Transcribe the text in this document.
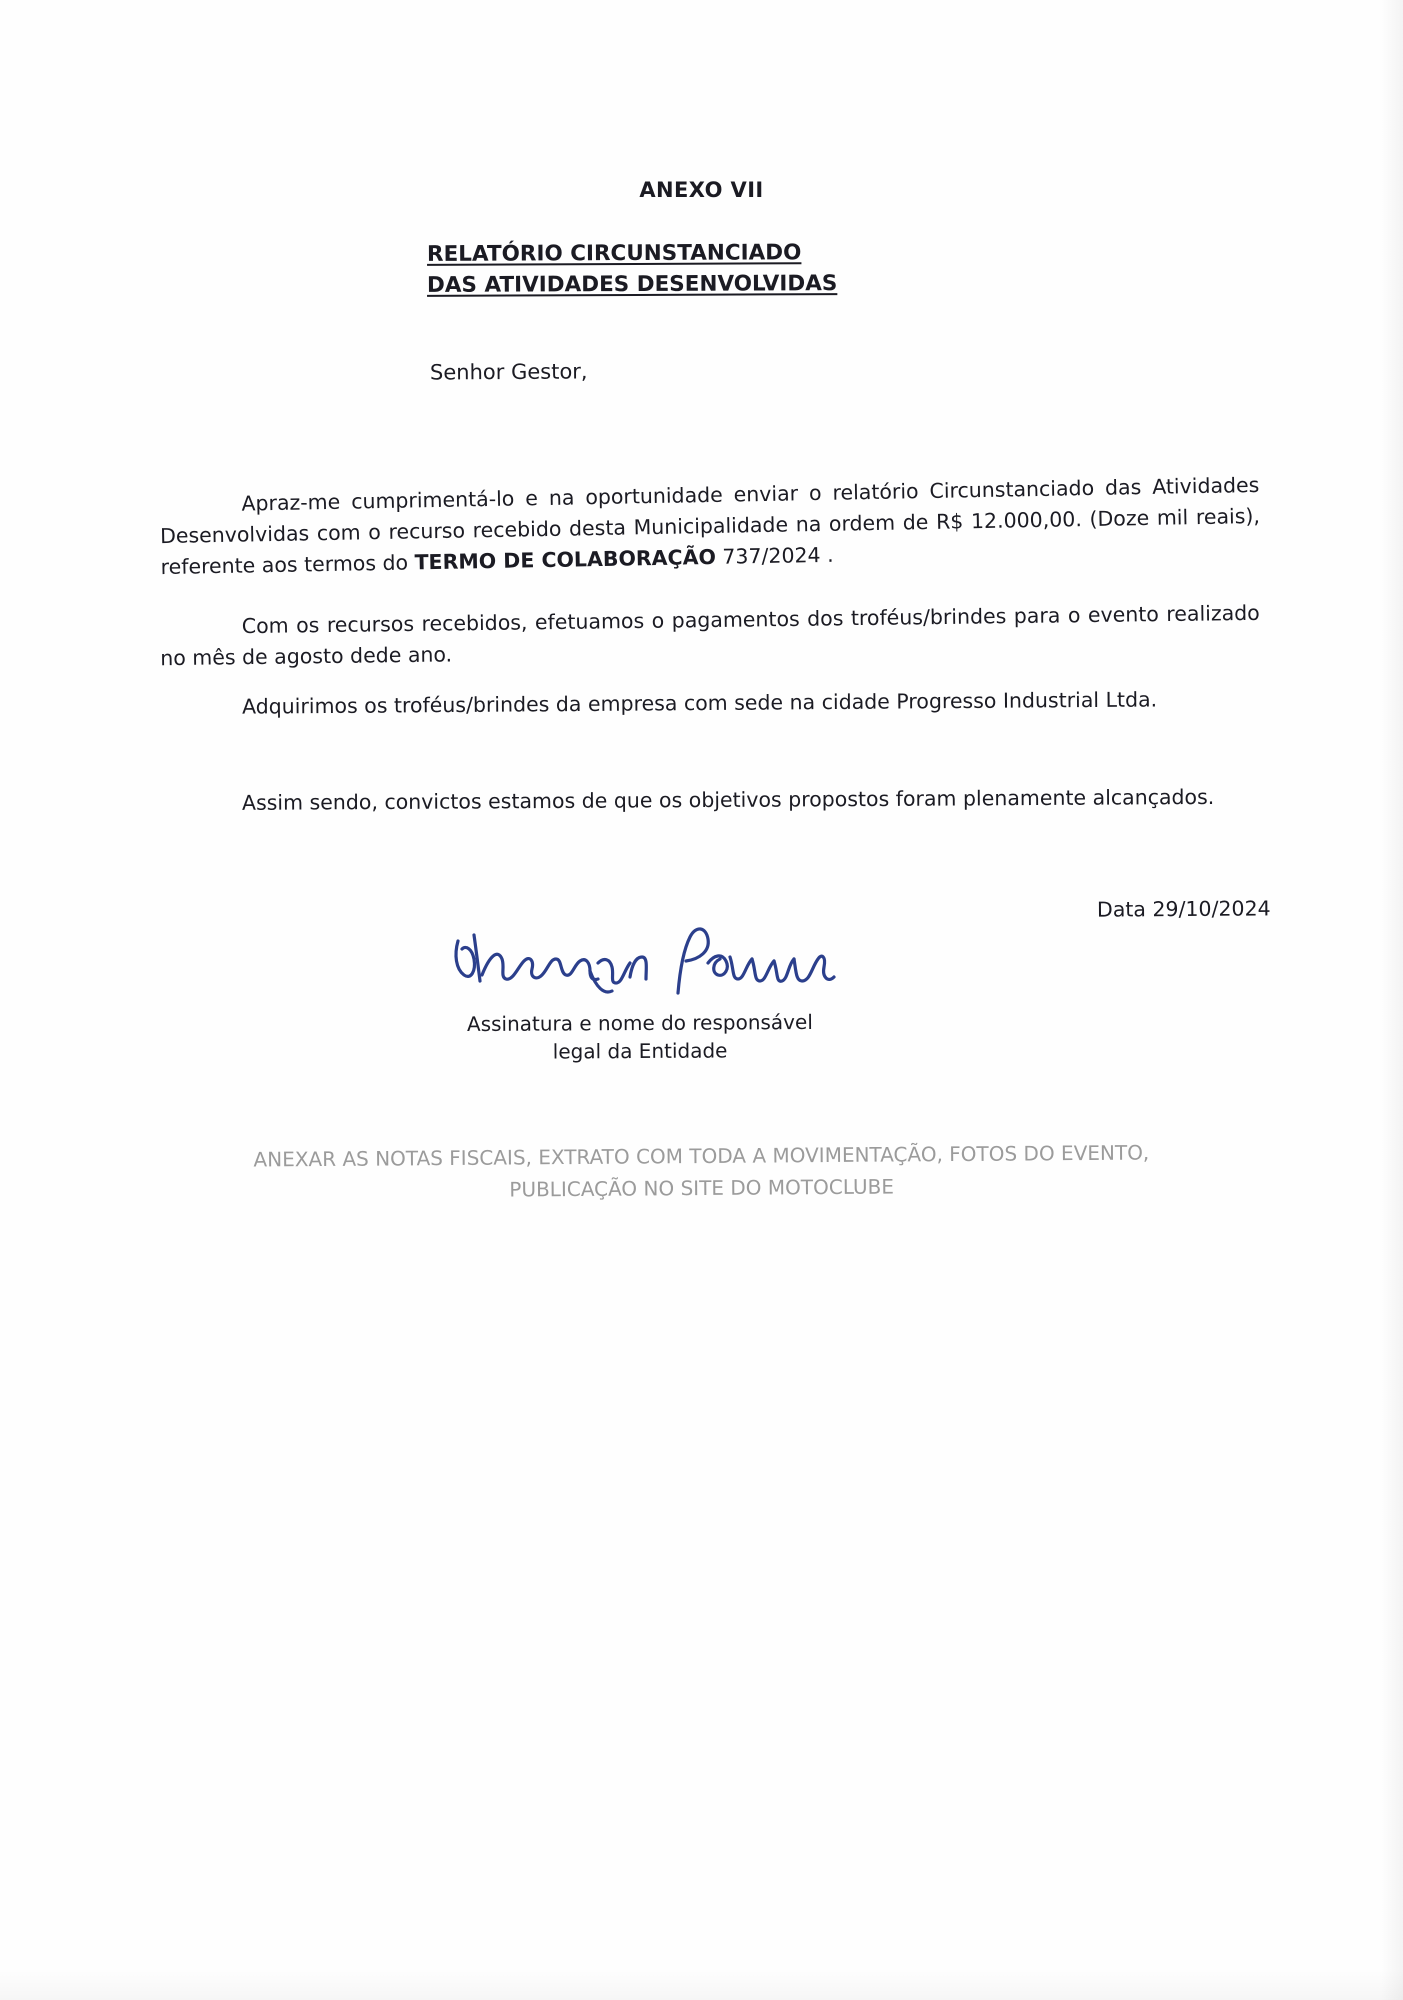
ANEXO VII
RELATÓRIO CIRCUNSTANCIADO
DAS ATIVIDADES DESENVOLVIDAS
Senhor Gestor,
Apraz-me cumprimentá-lo e na oportunidade enviar o relatório Circunstanciado das Atividades Desenvolvidas com o recurso recebido desta Municipalidade na ordem de R$ 12.000,00. (Doze mil reais), referente aos termos do TERMO DE COLABORAÇÃO 737/2024 .
Com os recursos recebidos, efetuamos o pagamentos dos troféus/brindes para o evento realizado no mês de agosto dede ano.
Adquirimos os troféus/brindes da empresa com sede na cidade Progresso Industrial Ltda.
Assim sendo, convictos estamos de que os objetivos propostos foram plenamente alcançados.
Data 29/10/2024
Assinatura e nome do responsável
legal da Entidade
ANEXAR AS NOTAS FISCAIS, EXTRATO COM TODA A MOVIMENTAÇÃO, FOTOS DO EVENTO,
PUBLICAÇÃO NO SITE DO MOTOCLUBE
